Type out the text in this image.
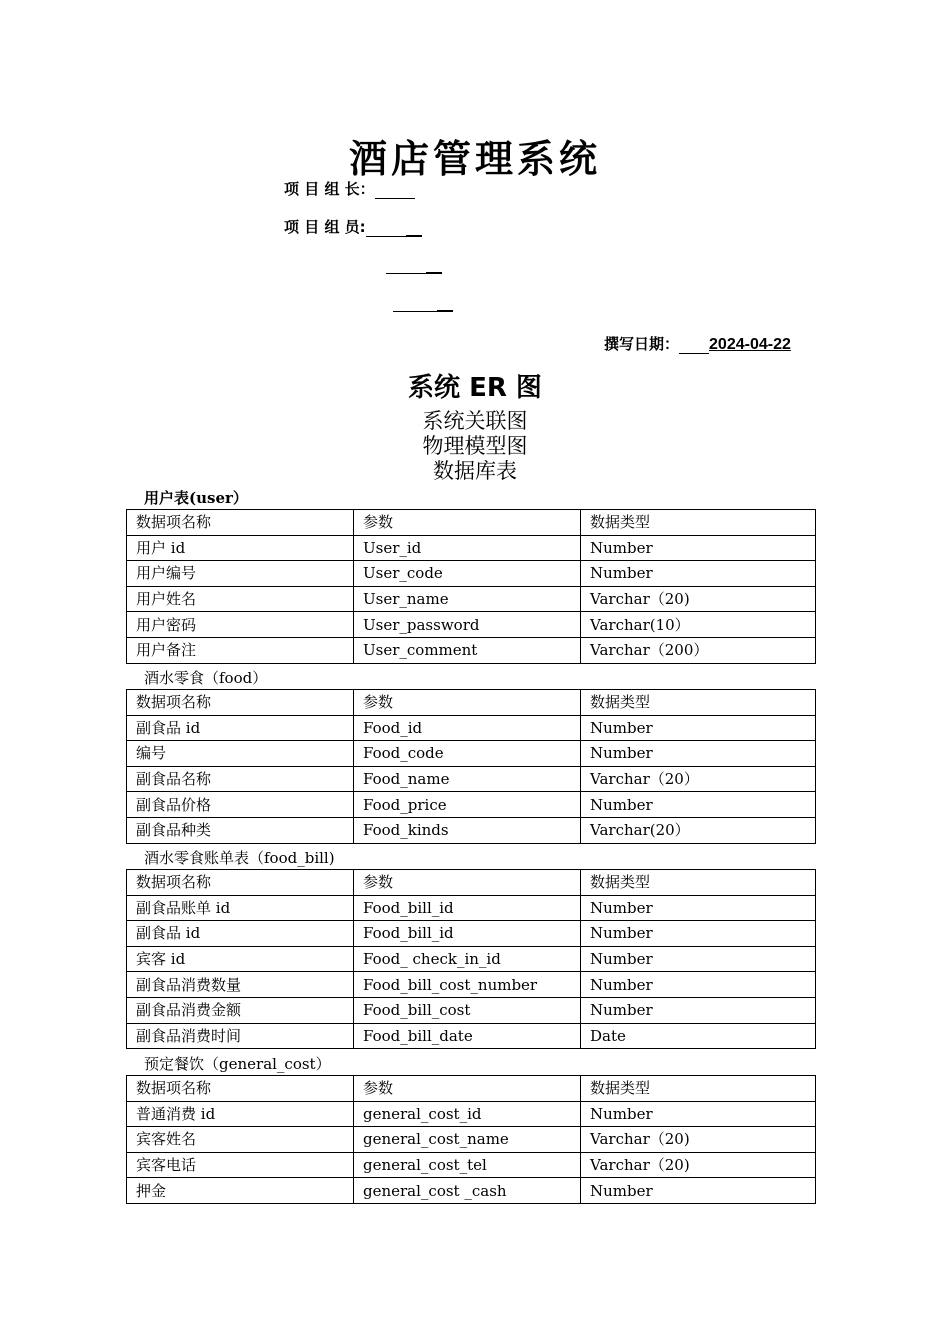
酒店管理系统
项 目 组 长：
项 目 组 员:
撰写日期： 2024-04-22
系统 ER 图
系统关联图
物理模型图
数据库表
用户表(user）
数据项名称	参数	数据类型
用户 id	User_id	Number
用户编号	User_code	Number
用户姓名	User_name	Varchar（20)
用户密码	User_password	Varchar(10）
用户备注	User_comment	Varchar（200）
酒水零食（food）
数据项名称	参数	数据类型
副食品 id	Food_id	Number
编号	Food_code	Number
副食品名称	Food_name	Varchar（20）
副食品价格	Food_price	Number
副食品种类	Food_kinds	Varchar(20）
酒水零食账单表（food_bill)
数据项名称	参数	数据类型
副食品账单 id	Food_bill_id	Number
副食品 id	Food_bill_id	Number
宾客 id	Food_ check_in_id	Number
副食品消费数量	Food_bill_cost_number	Number
副食品消费金额	Food_bill_cost	Number
副食品消费时间	Food_bill_date	Date
预定餐饮（general_cost）
数据项名称	参数	数据类型
普通消费 id	general_cost_id	Number
宾客姓名	general_cost_name	Varchar（20)
宾客电话	general_cost_tel	Varchar（20)
押金	general_cost _cash	Number
